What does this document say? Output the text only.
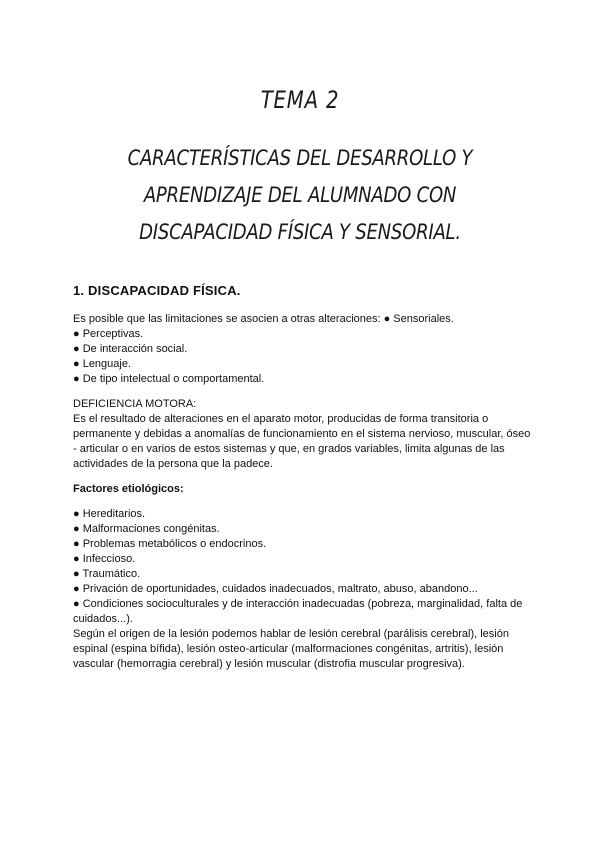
TEMA 2
CARACTERÍSTICAS DEL DESARROLLO Y
APRENDIZAJE DEL ALUMNADO CON
DISCAPACIDAD FÍSICA Y SENSORIAL.
1. DISCAPACIDAD FÍSICA.

Es posible que las limitaciones se asocien a otras alteraciones: ● Sensoriales.

● Perceptivas.

● De interacción social.

● Lenguaje.

● De tipo intelectual o comportamental.

DEFICIENCIA MOTORA:

Es el resultado de alteraciones en el aparato motor, producidas de forma transitoria o permanente y debidas a anomalías de funcionamiento en el sistema nervioso, muscular, óseo - articular o en varios de estos sistemas y que, en grados variables, limita algunas de las actividades de la persona que la padece.

Factores etiológicos:

● Hereditarios.

● Malformaciones congénitas.

● Problemas metabólicos o endocrinos.

● Infeccioso.

● Traumático.

● Privación de oportunidades, cuidados inadecuados, maltrato, abuso, abandono...

● Condiciones socioculturales y de interacción inadecuadas (pobreza, marginalidad, falta de cuidados...).

Según el origen de la lesión podemos hablar de lesión cerebral (parálisis cerebral), lesión espinal (espina bífida), lesión osteo-articular (malformaciones congénitas, artritis), lesión vascular (hemorragia cerebral) y lesión muscular (distrofia muscular progresiva).
